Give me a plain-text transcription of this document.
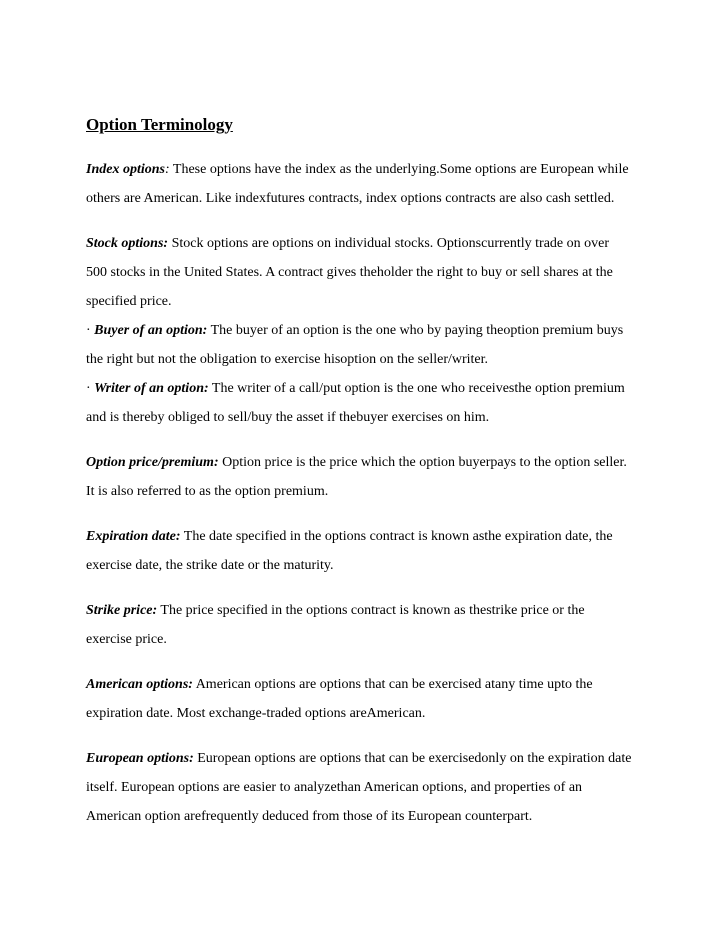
Option Terminology
Index options: These options have the index as the underlying.Some options are European while
others are American. Like indexfutures contracts, index options contracts are also cash settled.
Stock options: Stock options are options on individual stocks. Optionscurrently trade on over
500 stocks in the United States. A contract gives theholder the right to buy or sell shares at the
specified price.
· Buyer of an option: The buyer of an option is the one who by paying theoption premium buys
the right but not the obligation to exercise hisoption on the seller/writer.
· Writer of an option: The writer of a call/put option is the one who receivesthe option premium
and is thereby obliged to sell/buy the asset if thebuyer exercises on him.
Option price/premium: Option price is the price which the option buyerpays to the option seller.
It is also referred to as the option premium.
Expiration date: The date specified in the options contract is known asthe expiration date, the
exercise date, the strike date or the maturity.
Strike price: The price specified in the options contract is known as thestrike price or the
exercise price.
American options: American options are options that can be exercised atany time upto the
expiration date. Most exchange-traded options areAmerican.
European options: European options are options that can be exercisedonly on the expiration date
itself. European options are easier to analyzethan American options, and properties of an
American option arefrequently deduced from those of its European counterpart.
